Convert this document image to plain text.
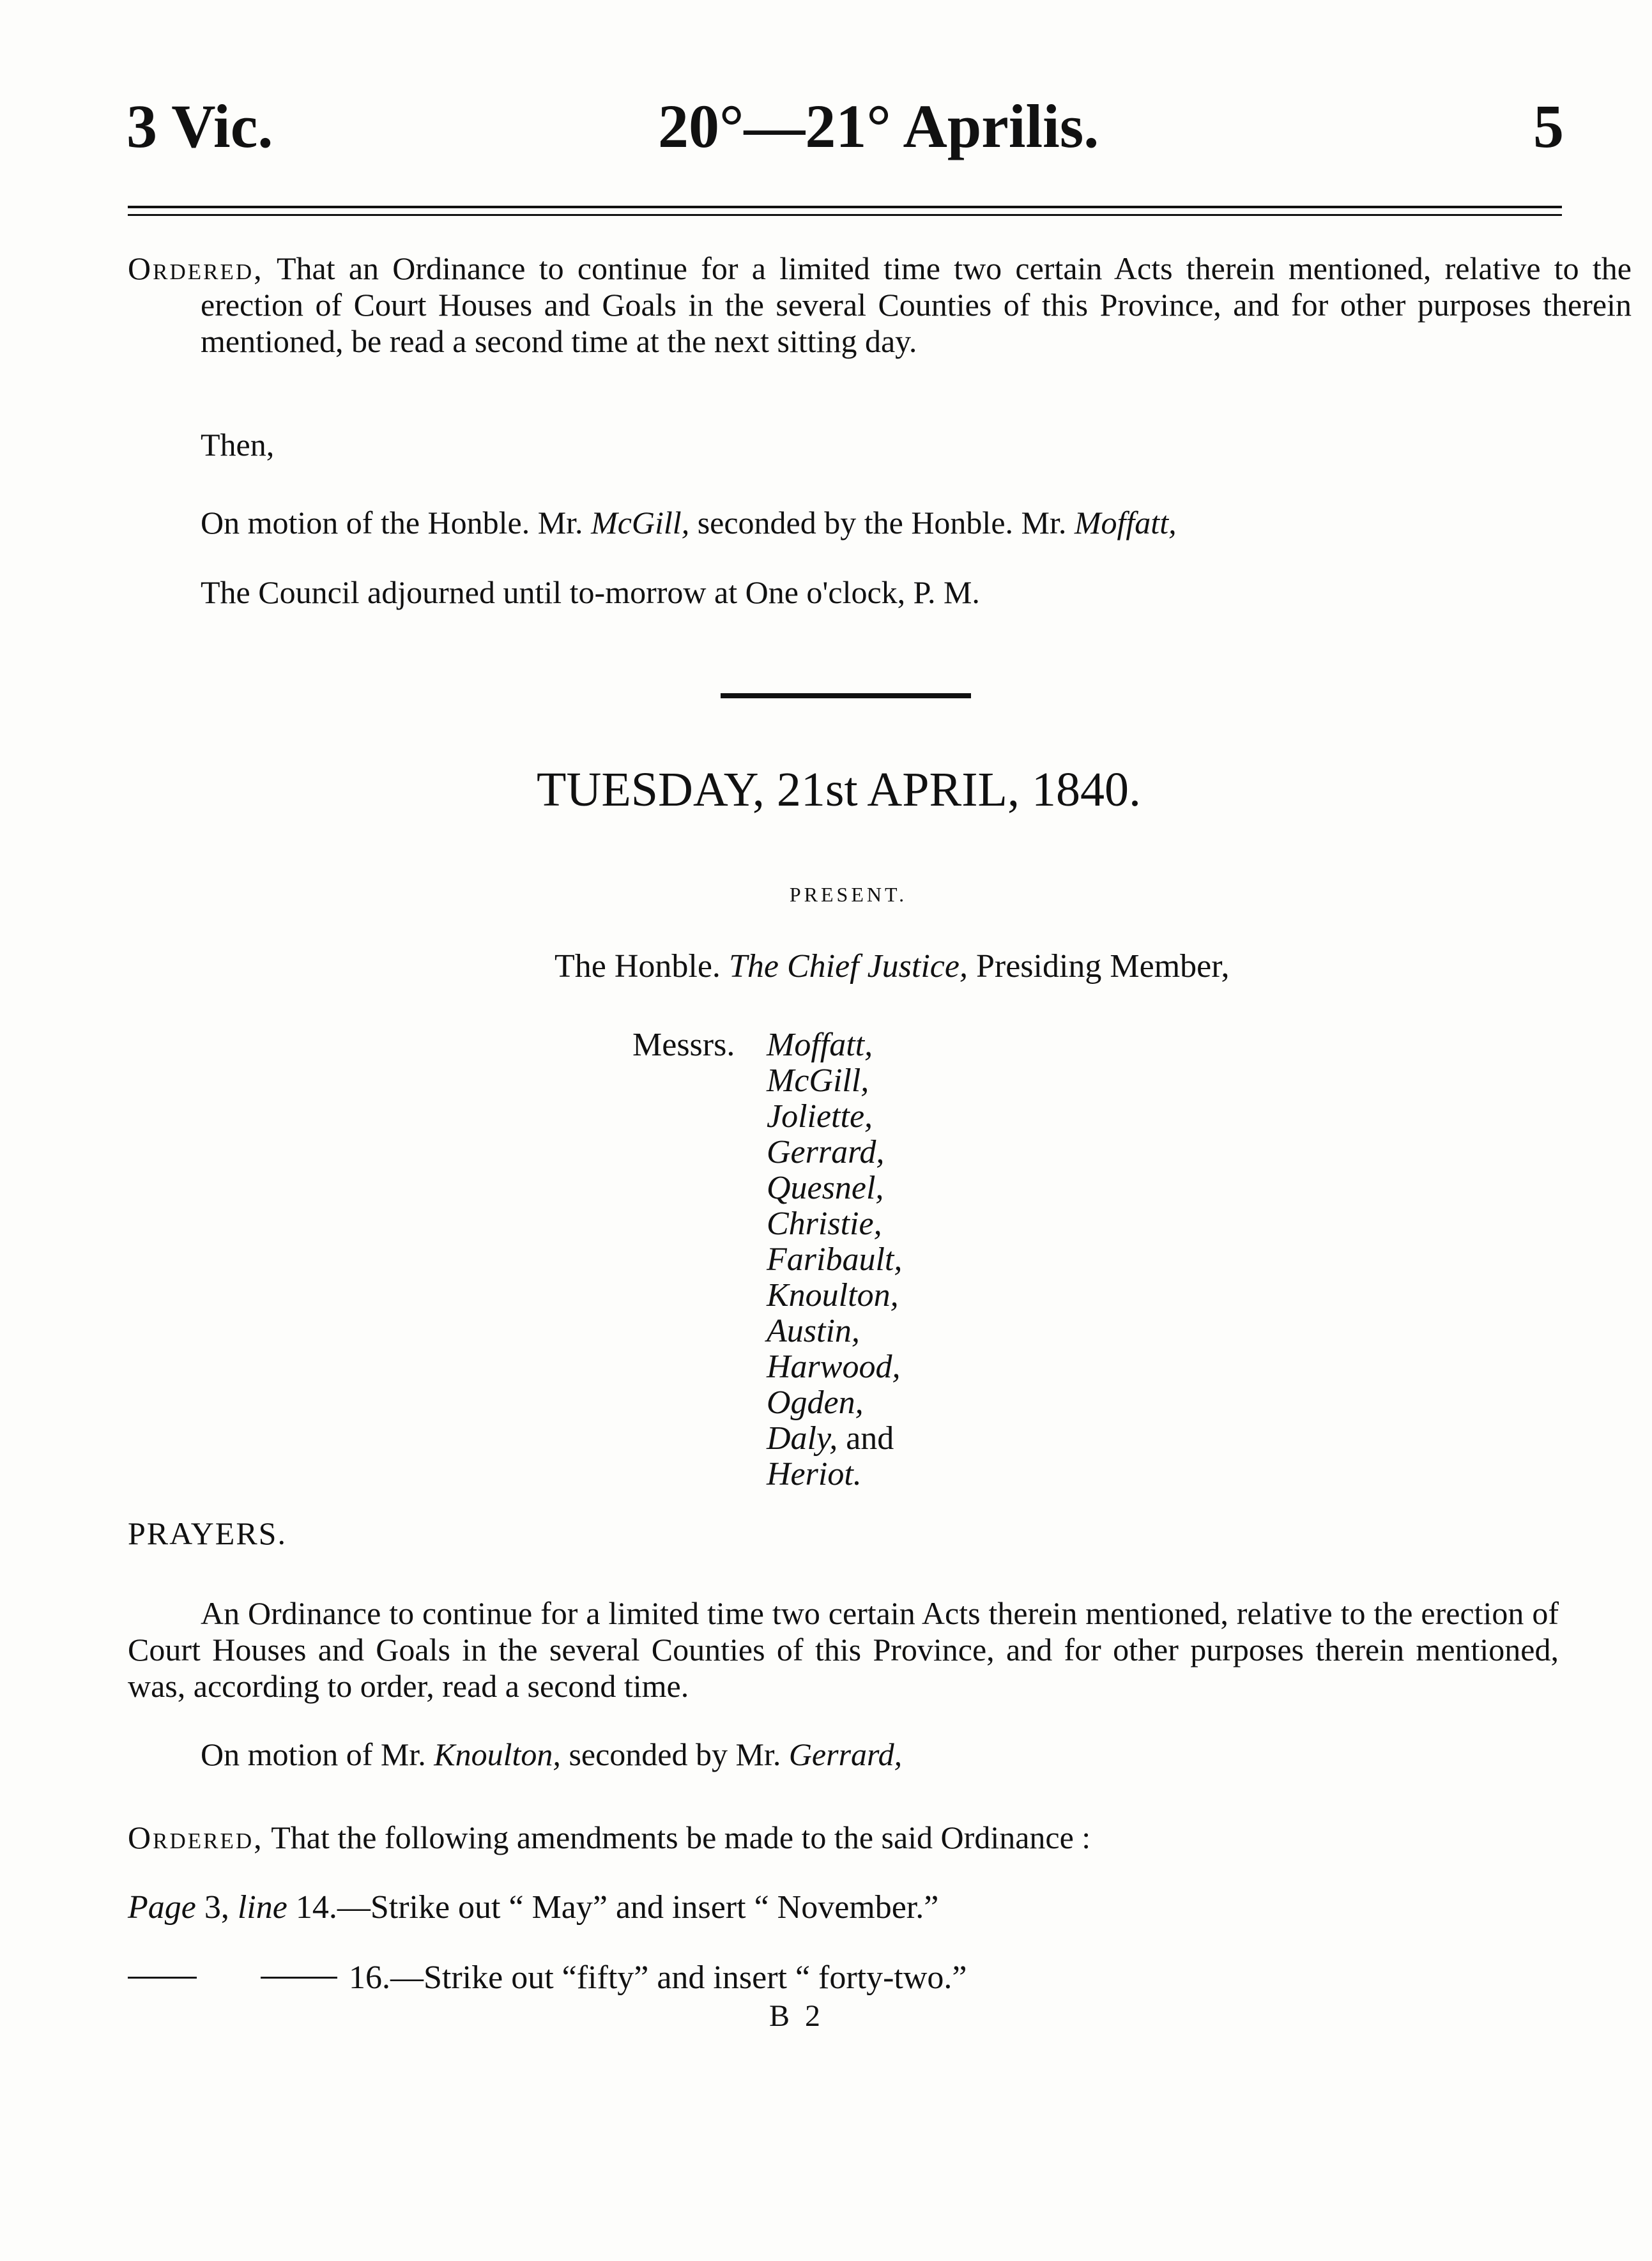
3 Vic.	20°—21° Aprilis.	5

Ordered, That an Ordinance to continue for a limited time two certain Acts therein mentioned, relative to the erection of Court Houses and Goals in the several Counties of this Province, and for other purposes therein mentioned, be read a second time at the next sitting day.

Then,

On motion of the Honble. Mr. McGill, seconded by the Honble. Mr. Moffatt,

The Council adjourned until to-morrow at One o'clock, P. M.

TUESDAY, 21st APRIL, 1840.
PRESENT.

The Honble. The Chief Justice, Presiding Member,

Messrs. Moffatt,
McGill,
Joliette,
Gerrard,
Quesnel,
Christie,
Faribault,
Knoulton,
Austin,
Harwood,
Ogden,
Daly, and
Heriot.
PRAYERS.

An Ordinance to continue for a limited time two certain Acts therein mentioned, relative to the erection of Court Houses and Goals in the several Counties of this Province, and for other purposes therein mentioned, was, according to order, read a second time.

On motion of Mr. Knoulton, seconded by Mr. Gerrard,

Ordered, That the following amendments be made to the said Ordinance :

Page 3, line 14.—Strike out “ May” and insert “ November.”
16.—Strike out “fifty” and insert “ forty-two.”
B 2
